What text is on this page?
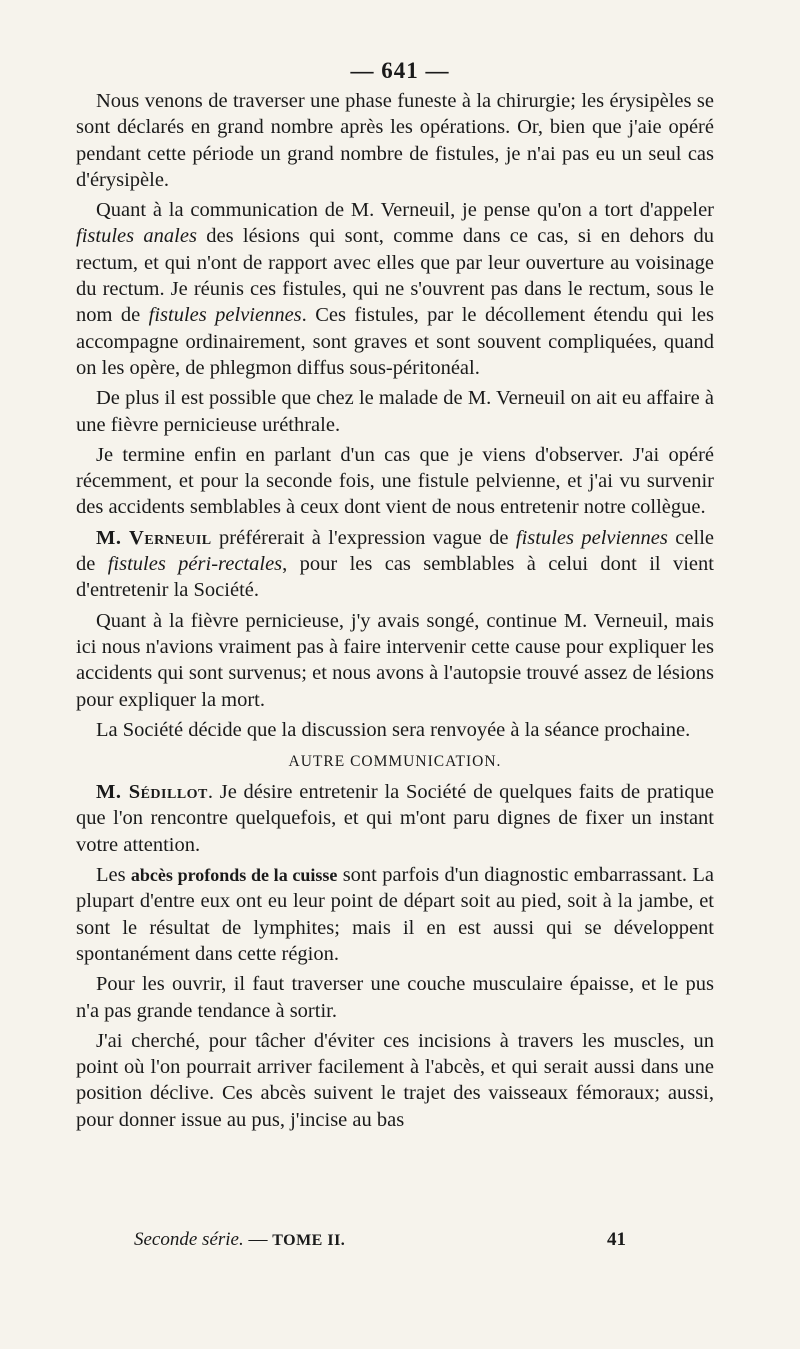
— 641 —

Nous venons de traverser une phase funeste à la chirurgie; les érysipèles se sont déclarés en grand nombre après les opérations. Or, bien que j'aie opéré pendant cette période un grand nombre de fistules, je n'ai pas eu un seul cas d'érysipèle.

Quant à la communication de M. Verneuil, je pense qu'on a tort d'appeler fistules anales des lésions qui sont, comme dans ce cas, si en dehors du rectum, et qui n'ont de rapport avec elles que par leur ouverture au voisinage du rectum. Je réunis ces fistules, qui ne s'ouvrent pas dans le rectum, sous le nom de fistules pelviennes. Ces fistules, par le décollement étendu qui les accompagne ordinairement, sont graves et sont souvent compliquées, quand on les opère, de phlegmon diffus sous-péritonéal.

De plus il est possible que chez le malade de M. Verneuil on ait eu affaire à une fièvre pernicieuse uréthrale.

Je termine enfin en parlant d'un cas que je viens d'observer. J'ai opéré récemment, et pour la seconde fois, une fistule pelvienne, et j'ai vu survenir des accidents semblables à ceux dont vient de nous entretenir notre collègue.

M. Verneuil préférerait à l'expression vague de fistules pelviennes celle de fistules péri-rectales, pour les cas semblables à celui dont il vient d'entretenir la Société.

Quant à la fièvre pernicieuse, j'y avais songé, continue M. Verneuil, mais ici nous n'avions vraiment pas à faire intervenir cette cause pour expliquer les accidents qui sont survenus; et nous avons à l'autopsie trouvé assez de lésions pour expliquer la mort.

La Société décide que la discussion sera renvoyée à la séance prochaine.

AUTRE COMMUNICATION.

M. Sédillot. Je désire entretenir la Société de quelques faits de pratique que l'on rencontre quelquefois, et qui m'ont paru dignes de fixer un instant votre attention.

Les abcès profonds de la cuisse sont parfois d'un diagnostic embarrassant. La plupart d'entre eux ont eu leur point de départ soit au pied, soit à la jambe, et sont le résultat de lymphites; mais il en est aussi qui se développent spontanément dans cette région.

Pour les ouvrir, il faut traverser une couche musculaire épaisse, et le pus n'a pas grande tendance à sortir.

J'ai cherché, pour tâcher d'éviter ces incisions à travers les muscles, un point où l'on pourrait arriver facilement à l'abcès, et qui serait aussi dans une position déclive. Ces abcès suivent le trajet des vaisseaux fémoraux; aussi, pour donner issue au pus, j'incise au bas

Seconde série. — TOME II.	41
